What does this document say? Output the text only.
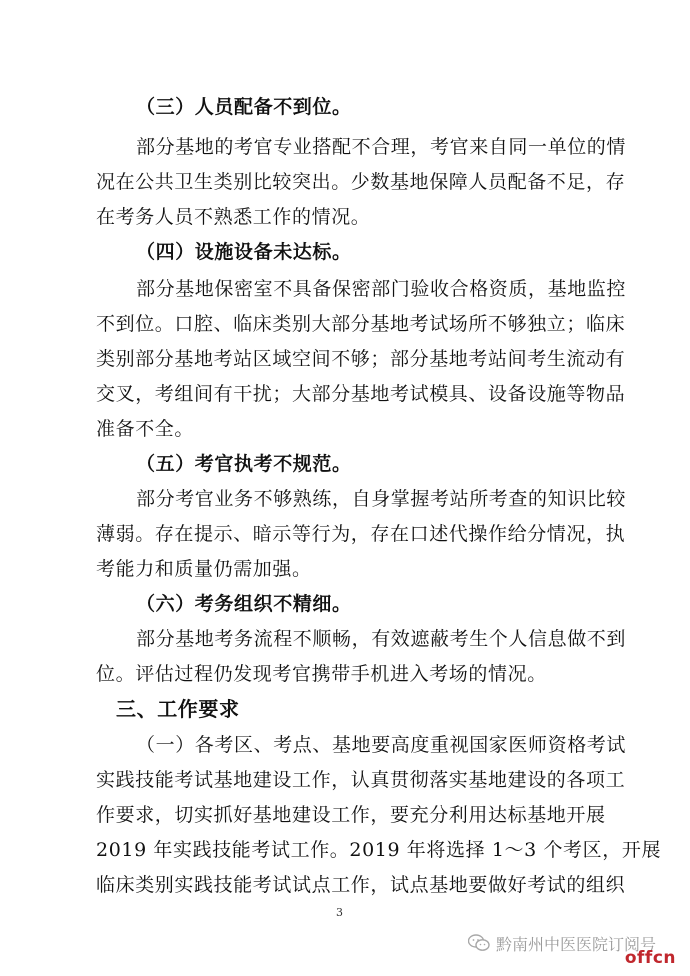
（三）人员配备不到位。
部分基地的考官专业搭配不合理，考官来自同一单位的情
况在公共卫生类别比较突出。少数基地保障人员配备不足，存
在考务人员不熟悉工作的情况。
（四）设施设备未达标。
部分基地保密室不具备保密部门验收合格资质，基地监控
不到位。口腔、临床类别大部分基地考试场所不够独立；临床
类别部分基地考站区域空间不够；部分基地考站间考生流动有
交叉，考组间有干扰；大部分基地考试模具、设备设施等物品
准备不全。
（五）考官执考不规范。
部分考官业务不够熟练，自身掌握考站所考查的知识比较
薄弱。存在提示、暗示等行为，存在口述代操作给分情况，执
考能力和质量仍需加强。
（六）考务组织不精细。
部分基地考务流程不顺畅，有效遮蔽考生个人信息做不到
位。评估过程仍发现考官携带手机进入考场的情况。
三、工作要求
（一）各考区、考点、基地要高度重视国家医师资格考试
实践技能考试基地建设工作，认真贯彻落实基地建设的各项工
作要求，切实抓好基地建设工作，要充分利用达标基地开展
2019 年实践技能考试工作。2019 年将选择 1～3 个考区，开展
临床类别实践技能考试试点工作，试点基地要做好考试的组织
3
黔南州中医医院订阅号
offcn
